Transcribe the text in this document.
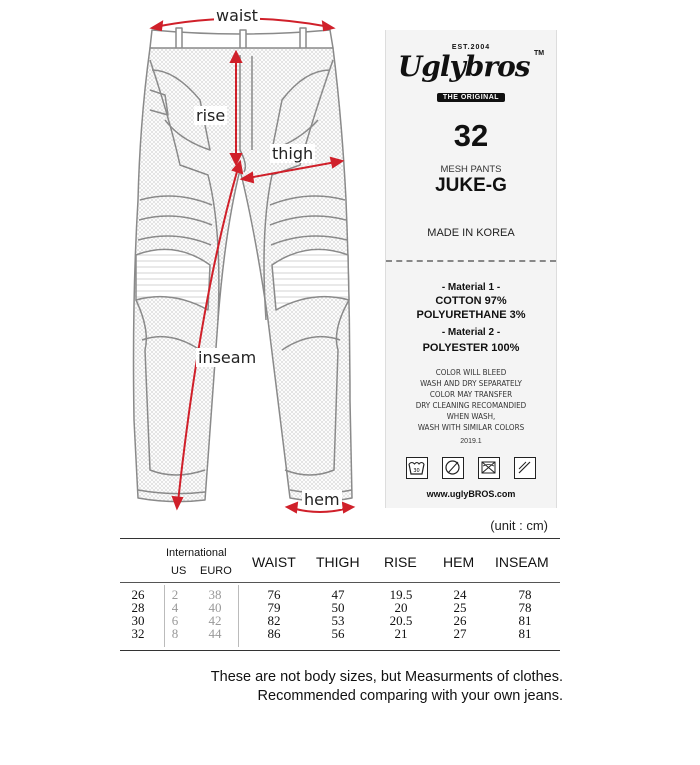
waist
rise
thigh
inseam
hem
EST.2004
Uglybros ™
THE ORIGINAL
32
MESH PANTS
JUKE-G
MADE IN KOREA
- Material 1 -
COTTON 97%
POLYURETHANE 3%
- Material 2 -
POLYESTER 100%
COLOR WILL BLEED
WASH AND DRY SEPARATELY
COLOR MAY TRANSFER
DRY CLEANING RECOMANDIED
WHEN WASH,
WASH WITH SIMILAR COLORS
2019.1
30
www.uglyBROS.com
(unit : cm)
International
US EURO
WAIST THIGH RISE HEM INSEAM
26	2	38	76	47	19.5	24	78
28	4	40	79	50	20	25	78
30	6	42	82	53	20.5	26	81
32	8	44	86	56	21	27	81
These are not body sizes, but Measurments of clothes.
Recommended comparing with your own jeans.
